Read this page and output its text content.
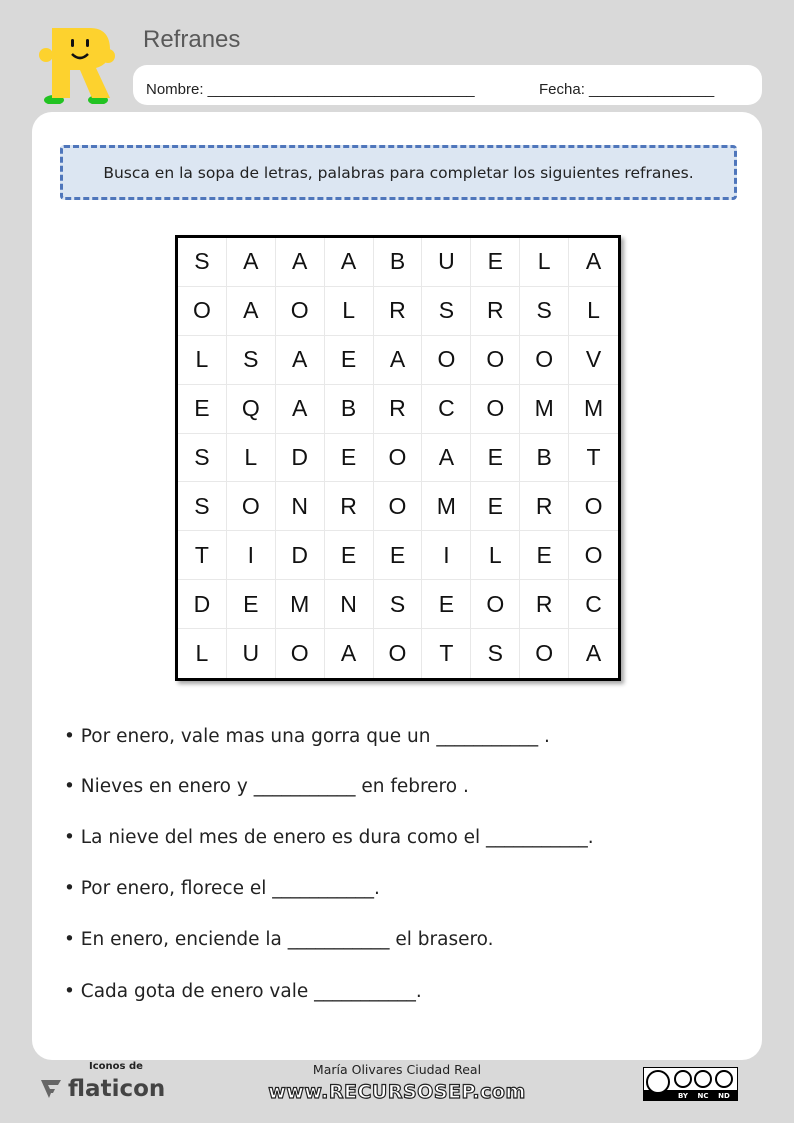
Refranes
Nombre: ________________________________	Fecha: _______________
Busca en la sopa de letras, palabras para completar los siguientes refranes.
S	A	A	A	B	U	E	L	A
O	A	O	L	R	S	R	S	L
L	S	A	E	A	O	O	O	V
E	Q	A	B	R	C	O	M	M
S	L	D	E	O	A	E	B	T
S	O	N	R	O	M	E	R	O
T	I	D	E	E	I	L	E	O
D	E	M	N	S	E	O	R	C
L	U	O	A	O	T	S	O	A
• Por enero, vale mas una gorra que un ___________ .
• Nieves en enero y ___________ en febrero .
• La nieve del mes de enero es dura como el ___________.
• Por enero, florece el ___________.
• En enero, enciende la ___________ el brasero.
• Cada gota de enero vale ___________.
Iconos de
flaticon
María Olivares Ciudad Real
www.RECURSOSEP.com	BY NC ND
